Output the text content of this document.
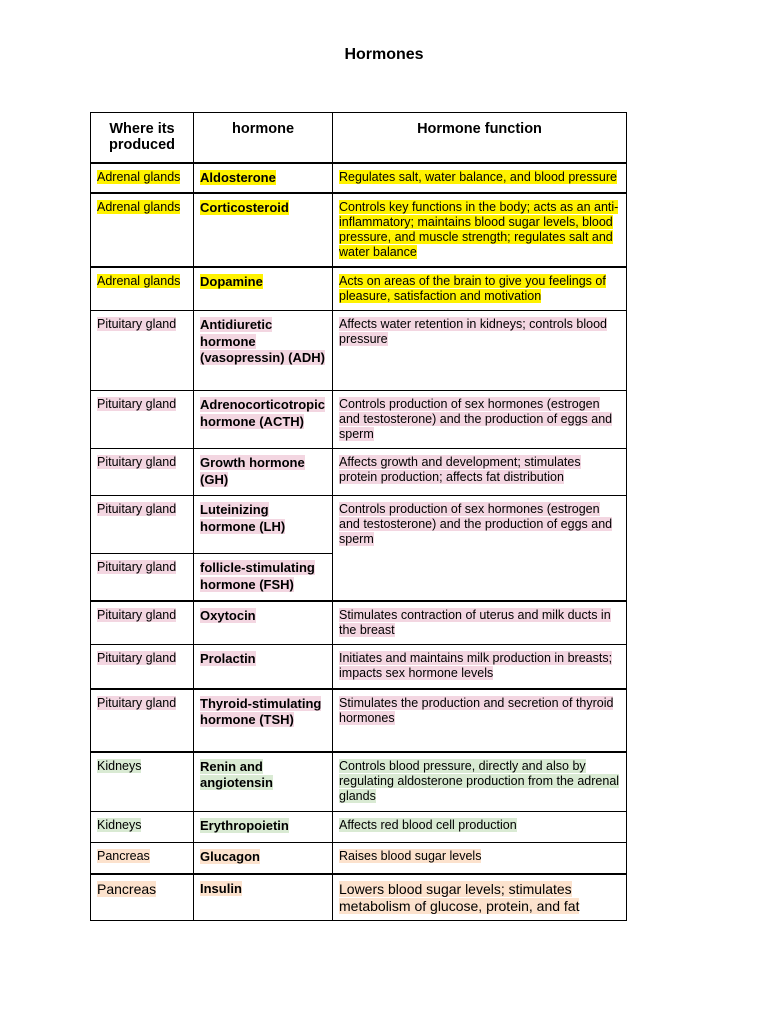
Hormones
Where its produced	hormone	Hormone function
Adrenal glands	Aldosterone	Regulates salt, water balance, and blood pressure
Adrenal glands	Corticosteroid	Controls key functions in the body; acts as an anti-inflammatory; maintains blood sugar levels, blood pressure, and muscle strength; regulates salt and water balance
Adrenal glands	Dopamine	Acts on areas of the brain to give you feelings of pleasure, satisfaction and motivation
Pituitary gland	Antidiuretic hormone (vasopressin) (ADH)	Affects water retention in kidneys; controls blood pressure
Pituitary gland	Adrenocorticotropic hormone (ACTH)	Controls production of sex hormones (estrogen and testosterone) and the production of eggs and sperm
Pituitary gland	Growth hormone (GH)	Affects growth and development; stimulates protein production; affects fat distribution
Pituitary gland	Luteinizing hormone (LH)	Controls production of sex hormones (estrogen and testosterone) and the production of eggs and sperm
Pituitary gland	follicle-stimulating hormone (FSH)	
Pituitary gland	Oxytocin	Stimulates contraction of uterus and milk ducts in the breast
Pituitary gland	Prolactin	Initiates and maintains milk production in breasts; impacts sex hormone levels
Pituitary gland	Thyroid-stimulating hormone (TSH)	Stimulates the production and secretion of thyroid hormones
Kidneys	Renin and angiotensin	Controls blood pressure, directly and also by regulating aldosterone production from the adrenal glands
Kidneys	Erythropoietin	Affects red blood cell production
Pancreas	Glucagon	Raises blood sugar levels
Pancreas	Insulin	Lowers blood sugar levels; stimulates metabolism of glucose, protein, and fat
